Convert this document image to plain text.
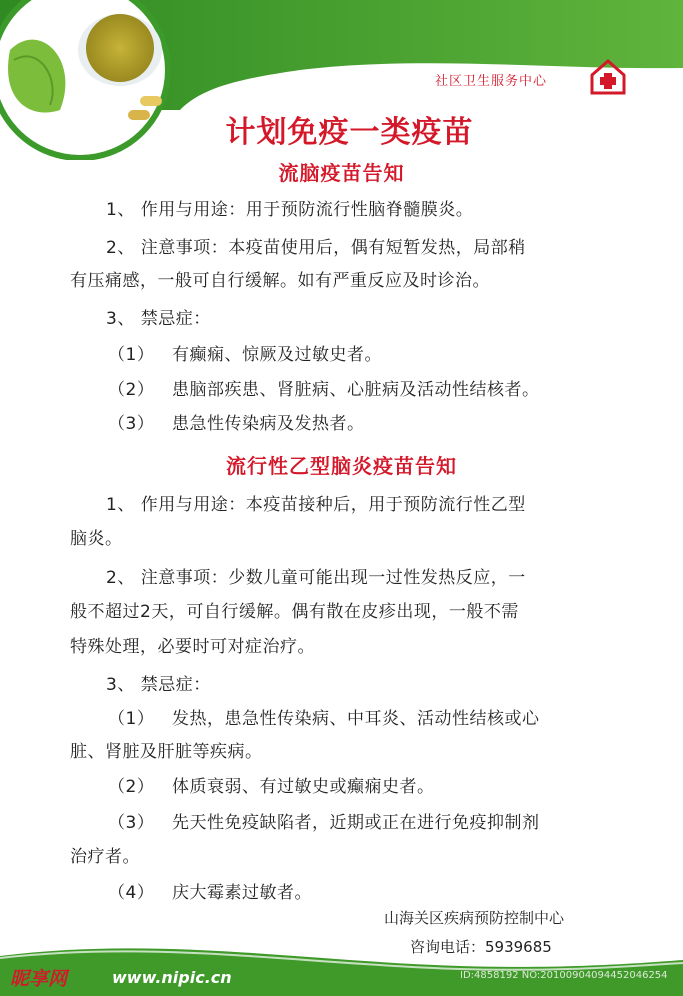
社区卫生服务中心
计划免疫一类疫苗
流脑疫苗告知
1、 作用与用途：用于预防流行性脑脊髓膜炎。
2、 注意事项：本疫苗使用后，偶有短暂发热，局部稍
有压痛感，一般可自行缓解。如有严重反应及时诊治。
3、 禁忌症：
（1） 有癫痫、惊厥及过敏史者。
（2） 患脑部疾患、肾脏病、心脏病及活动性结核者。
（3） 患急性传染病及发热者。
流行性乙型脑炎疫苗告知
1、 作用与用途：本疫苗接种后，用于预防流行性乙型
脑炎。
2、 注意事项：少数儿童可能出现一过性发热反应，一
般不超过2天，可自行缓解。偶有散在皮疹出现，一般不需
特殊处理，必要时可对症治疗。
3、 禁忌症：
（1） 发热，患急性传染病、中耳炎、活动性结核或心
脏、肾脏及肝脏等疾病。
（2） 体质衰弱、有过敏史或癫痫史者。
（3） 先天性免疫缺陷者，近期或正在进行免疫抑制剂
治疗者。
（4） 庆大霉素过敏者。
山海关区疾病预防控制中心
咨询电话：5939685
昵享网	www.nipic.cn	ID:4858192 NO:20100904094452046254
